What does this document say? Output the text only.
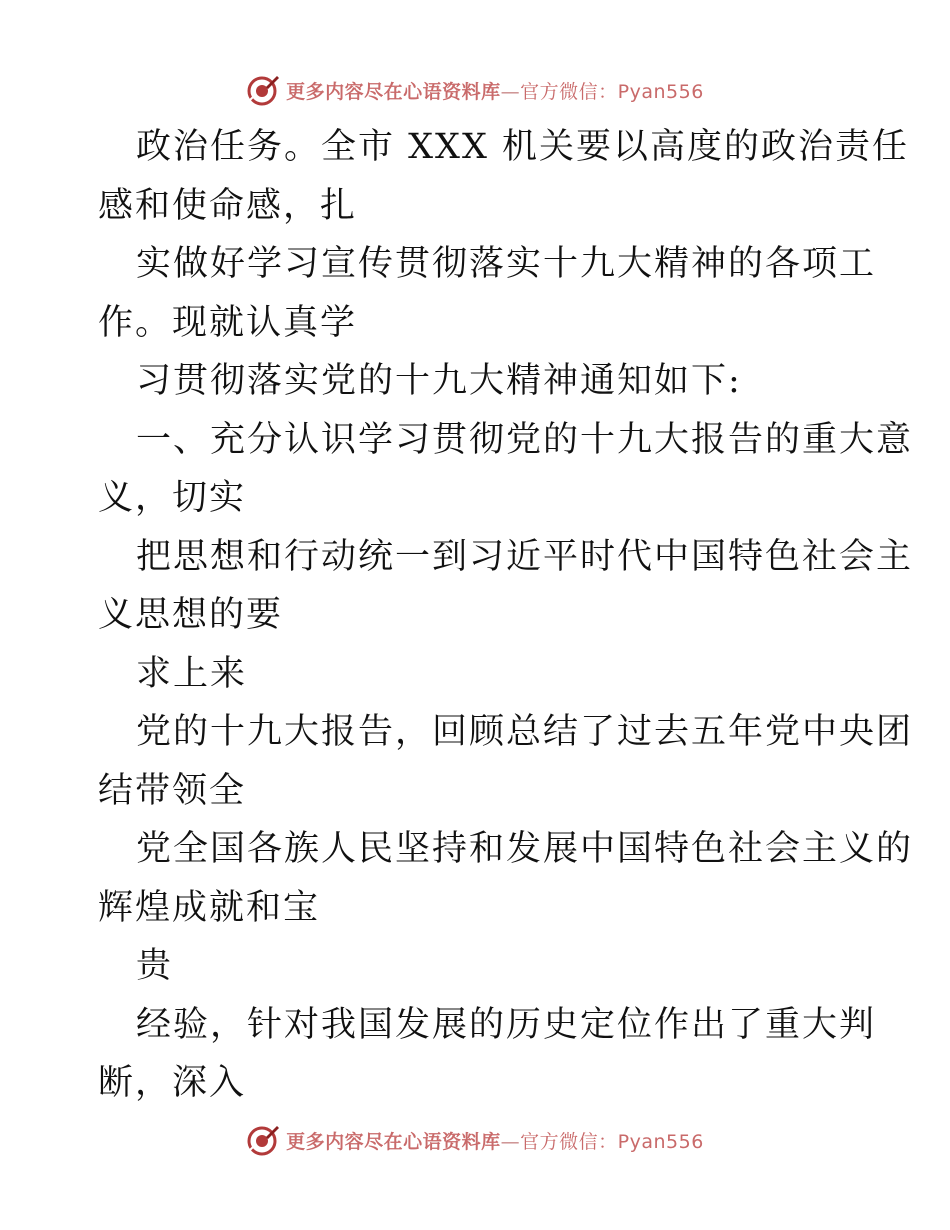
更多内容尽在心语资料库—官方微信：Pyan556
政治任务。全市 XXX 机关要以高度的政治责任
感和使命感，扎
实做好学习宣传贯彻落实十九大精神的各项工
作。现就认真学
习贯彻落实党的十九大精神通知如下:
一、充分认识学习贯彻党的十九大报告的重大意
义，切实
把思想和行动统一到习近平时代中国特色社会主
义思想的要
求上来
党的十九大报告，回顾总结了过去五年党中央团
结带领全
党全国各族人民坚持和发展中国特色社会主义的
辉煌成就和宝
贵
经验，针对我国发展的历史定位作出了重大判
断，深入
更多内容尽在心语资料库—官方微信：Pyan556
